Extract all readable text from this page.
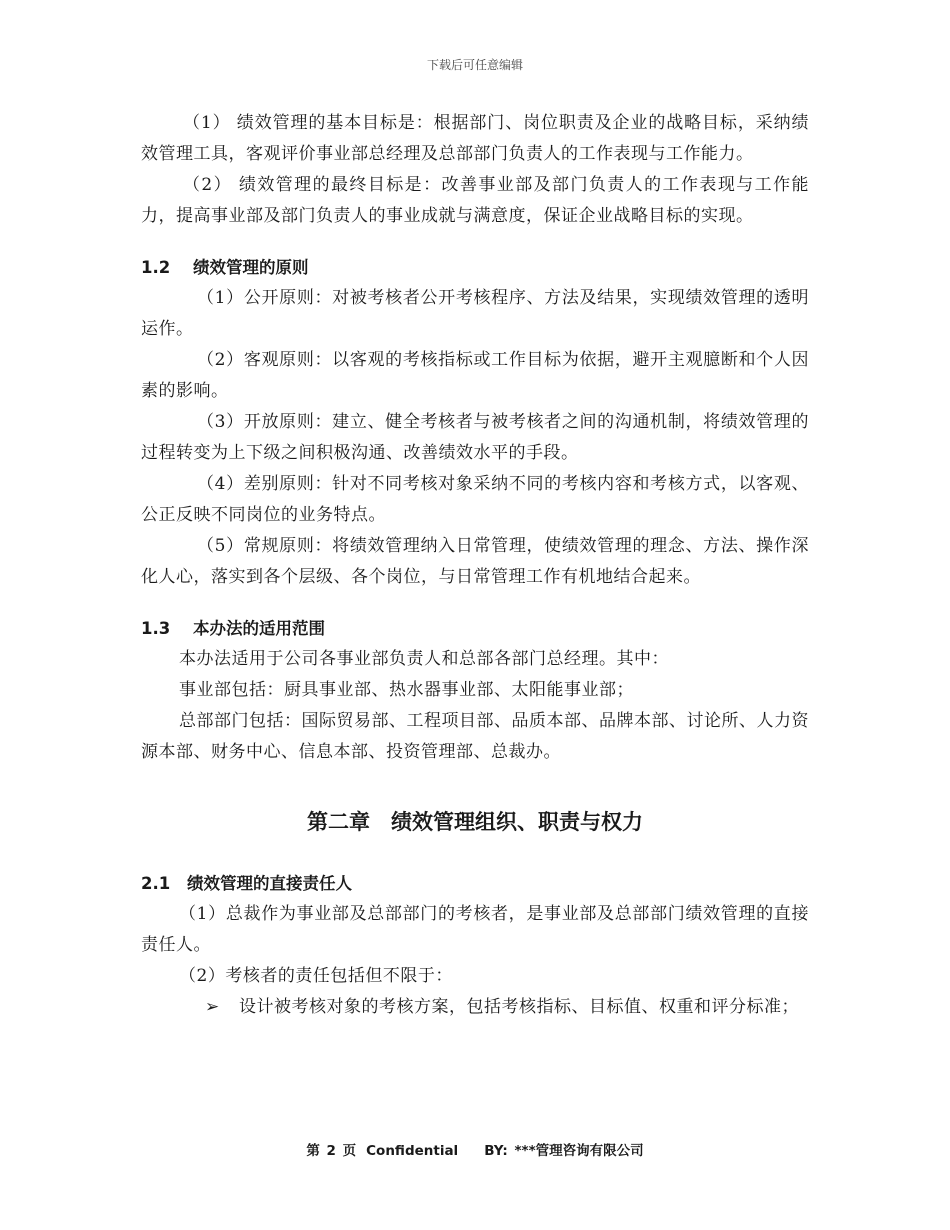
下载后可任意编辑

（1） 绩效管理的基本目标是：根据部门、岗位职责及企业的战略目标，采纳绩效管理工具，客观评价事业部总经理及总部部门负责人的工作表现与工作能力。

（2） 绩效管理的最终目标是：改善事业部及部门负责人的工作表现与工作能力，提高事业部及部门负责人的事业成就与满意度，保证企业战略目标的实现。

1.2 绩效管理的原则

（1）公开原则：对被考核者公开考核程序、方法及结果，实现绩效管理的透明运作。

（2）客观原则：以客观的考核指标或工作目标为依据，避开主观臆断和个人因素的影响。

（3）开放原则：建立、健全考核者与被考核者之间的沟通机制，将绩效管理的过程转变为上下级之间积极沟通、改善绩效水平的手段。

（4）差别原则：针对不同考核对象采纳不同的考核内容和考核方式，以客观、公正反映不同岗位的业务特点。

（5）常规原则：将绩效管理纳入日常管理，使绩效管理的理念、方法、操作深化人心，落实到各个层级、各个岗位，与日常管理工作有机地结合起来。

1.3 本办法的适用范围

本办法适用于公司各事业部负责人和总部各部门总经理。其中：

事业部包括：厨具事业部、热水器事业部、太阳能事业部；

总部部门包括：国际贸易部、工程项目部、品质本部、品牌本部、讨论所、人力资源本部、财务中心、信息本部、投资管理部、总裁办。

第二章  绩效管理组织、职责与权力
2.1 绩效管理的直接责任人

（1）总裁作为事业部及总部部门的考核者，是事业部及总部部门绩效管理的直接责任人。

（2）考核者的责任包括但不限于：

➢	设计被考核对象的考核方案，包括考核指标、目标值、权重和评分标准；
第 2 页 Confidential BY: ***管理咨询有限公司
